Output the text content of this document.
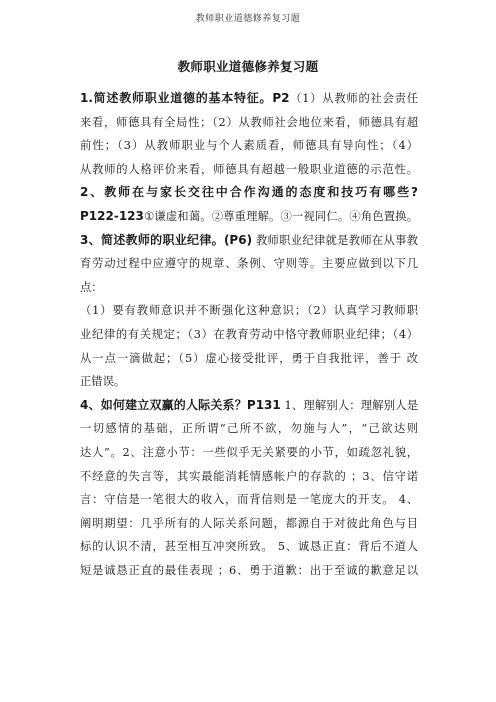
教师职业道德修养复习题
教师职业道德修养复习题
1.简述教师职业道德的基本特征。P2（1）从教师的社会责任
来看，师德具有全局性；（2）从教师社会地位来看，师德具有超
前性；（3）从教师职业与个人素质看，师德具有导向性；（4）
从教师的人格评价来看，师德具有超越一般职业道德的示范性。
2、教师在与家长交往中合作沟通的态度和技巧有哪些?
P122-123①谦虚和蔼。②尊重理解。③一视同仁。④角色置换。
3、简述教师的职业纪律。(P6) 教师职业纪律就是教师在从事教
育劳动过程中应遵守的规章、条例、守则等。主要应做到以下几
点：
（1）要有教师意识并不断强化这种意识；（2）认真学习教师职
业纪律的有关规定；（3）在教育劳动中恪守教师职业纪律；（4）
从一点一滴做起；（5）虚心接受批评，勇于自我批评，善于 改
正错误。
4、如何建立双赢的人际关系？P131 1、理解别人：理解别人是
一切感情的基础，正所谓“己所不欲，勿施与人”，“己欲达则
达人”。2、注意小节：一些似乎无关紧要的小节，如疏忽礼貌，
不经意的失言等，其实最能消耗情感帐户的存款的 ；3、信守诺
言：守信是一笔很大的收入，而背信则是一笔庞大的开支。 4、
阐明期望：几乎所有的人际关系问题，都源自于对彼此角色与目
标的认识不清，甚至相互冲突所致。 5、诚恳正直：背后不道人
短是诚恳正直的最佳表现 ；6、勇于道歉：出于至诚的歉意足以
